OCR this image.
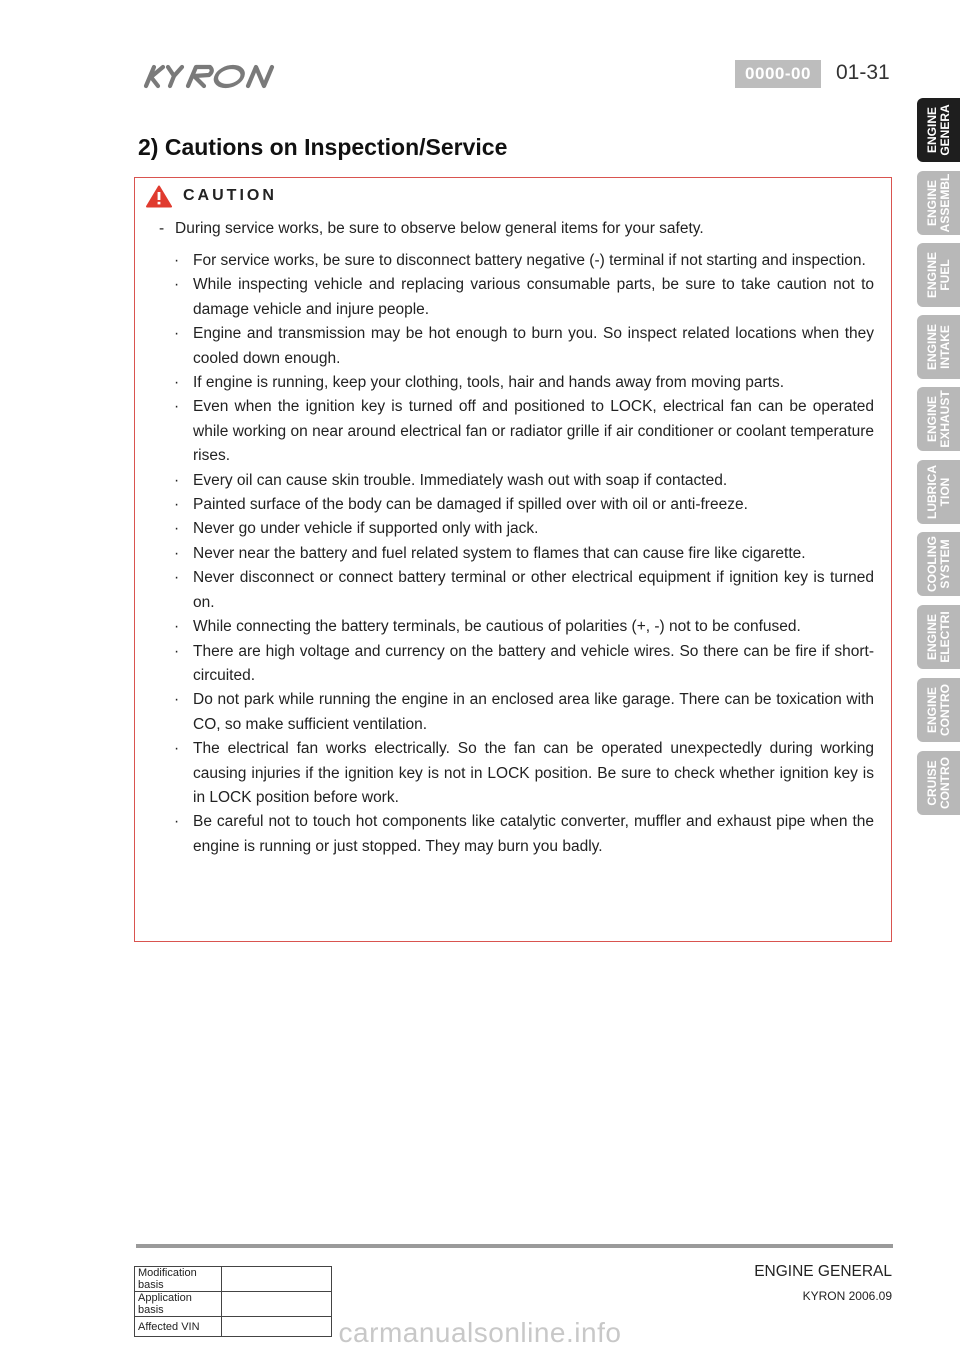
0000-00	01-31
ENGINE
GENERA
ENGINE
ASSEMBL
ENGINE
FUEL
ENGINE
INTAKE
ENGINE
EXHAUST
LUBRICA
TION
COOLING
SYSTEM
ENGINE
ELECTRI
ENGINE
CONTRO
CRUISE
CONTRO
2) Cautions on Inspection/Service
CAUTION
- During service works, be sure to observe below general items for your safety.
· For service works, be sure to disconnect battery negative (-) terminal if not starting and inspection.
· While inspecting vehicle and replacing various consumable parts, be sure to take caution not to damage vehicle and injure people.
· Engine and transmission may be hot enough to burn you. So inspect related locations when they cooled down enough.
· If engine is running, keep your clothing, tools, hair and hands away from moving parts.
· Even when the ignition key is turned off and positioned to LOCK, electrical fan can be operated while working on near around electrical fan or radiator grille if air conditioner or coolant temperature rises.
· Every oil can cause skin trouble. Immediately wash out with soap if contacted.
· Painted surface of the body can be damaged if spilled over with oil or anti-freeze.
· Never go under vehicle if supported only with jack.
· Never near the battery and fuel related system to flames that can cause fire like cigarette.
· Never disconnect or connect battery terminal or other electrical equipment if ignition key is turned on.
· While connecting the battery terminals, be cautious of polarities (+, -) not to be confused.
· There are high voltage and currency on the battery and vehicle wires. So there can be fire if short-circuited.
· Do not park while running the engine in an enclosed area like garage. There can be toxication with CO, so make sufficient ventilation.
· The electrical fan works electrically. So the fan can be operated unexpectedly during working causing injuries if the ignition key is not in LOCK position. Be sure to check whether ignition key is in LOCK position before work.
· Be careful not to touch hot components like catalytic converter, muffler and exhaust pipe when the engine is running or just stopped. They may burn you badly.
ENGINE GENERAL
KYRON 2006.09
Modification basis	
Application basis	
Affected VIN		carmanualsonline.info
